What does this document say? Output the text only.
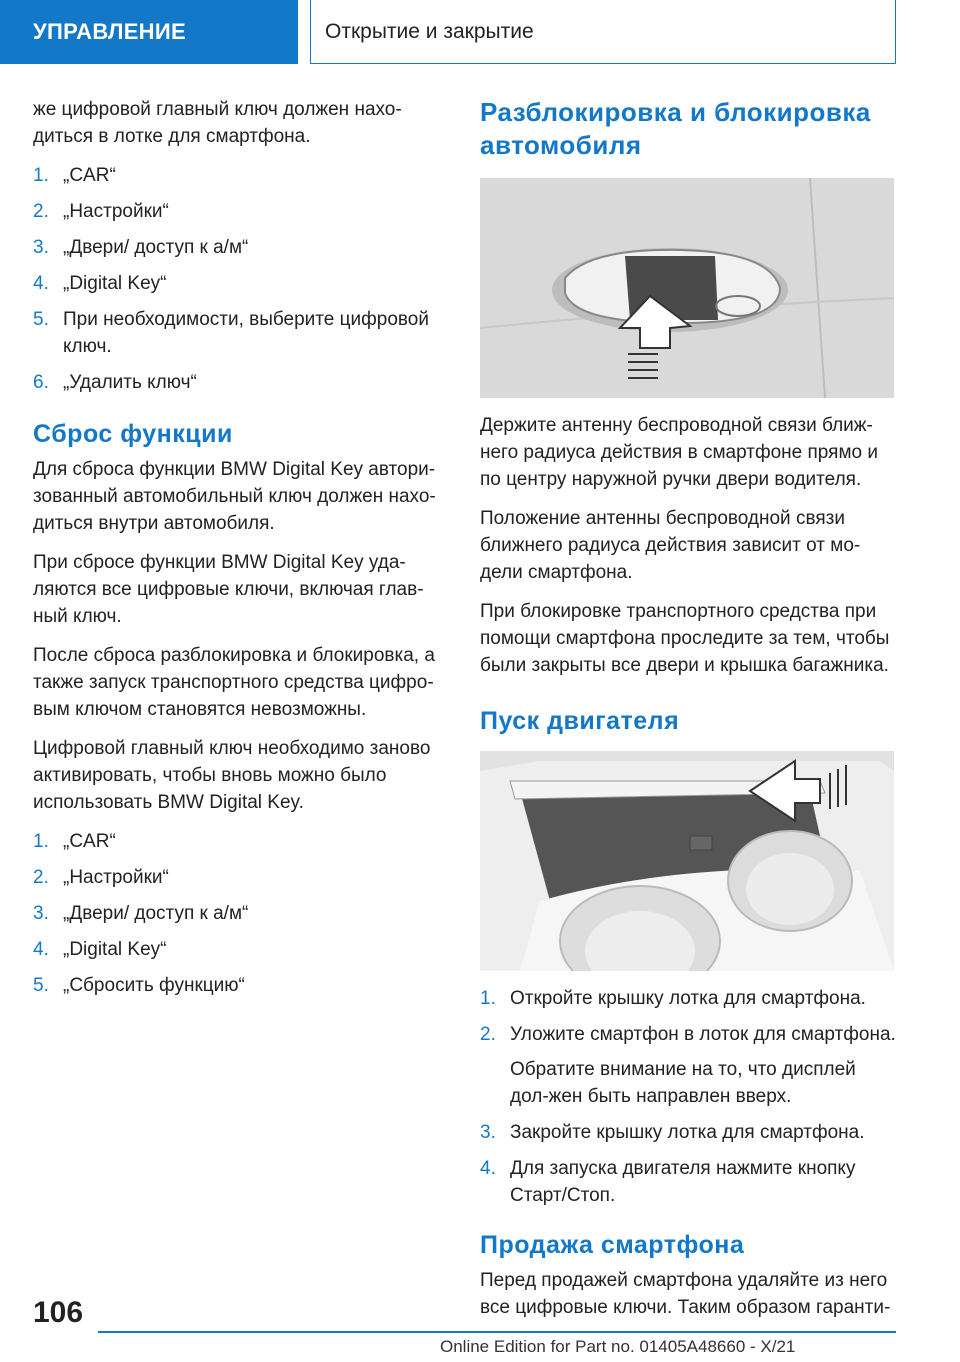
УПРАВЛЕНИЕ	Открытие и закрытие

же цифровой главный ключ должен нахо-диться в лотке для смартфона.

1. „CAR“
2. „Настройки“
3. „Двери/ доступ к а/м“
4. „Digital Key“
5. При необходимости, выберите цифровой ключ.
6. „Удалить ключ“
Сброс функции

Для сброса функции BMW Digital Key автори-зованный автомобильный ключ должен нахо-диться внутри автомобиля.

При сбросе функции BMW Digital Key уда-ляются все цифровые ключи, включая глав-ный ключ.

После сброса разблокировка и блокировка, а также запуск транспортного средства цифро-вым ключом становятся невозможны.

Цифровой главный ключ необходимо заново активировать, чтобы вновь можно было использовать BMW Digital Key.

1. „CAR“
2. „Настройки“
3. „Двери/ доступ к а/м“
4. „Digital Key“
5. „Сбросить функцию“
Разблокировка и блокировка автомобиля

Держите антенну беспроводной связи ближ-него радиуса действия в смартфоне прямо и по центру наружной ручки двери водителя.

Положение антенны беспроводной связи ближнего радиуса действия зависит от мо-дели смартфона.

При блокировке транспортного средства при помощи смартфона проследите за тем, чтобы были закрыты все двери и крышка багажника.

Пуск двигателя
1. Откройте крышку лотка для смартфона.
2. Уложите смартфон в лоток для смартфона.
Обратите внимание на то, что дисплей дол-жен быть направлен вверх.
3. Закройте крышку лотка для смартфона.
4. Для запуска двигателя нажмите кнопку Старт/Стоп.
Продажа смартфона

Перед продажей смартфона удаляйте из него все цифровые ключи. Таким образом гаранти-

106
Online Edition for Part no. 01405A48660 - X/21
